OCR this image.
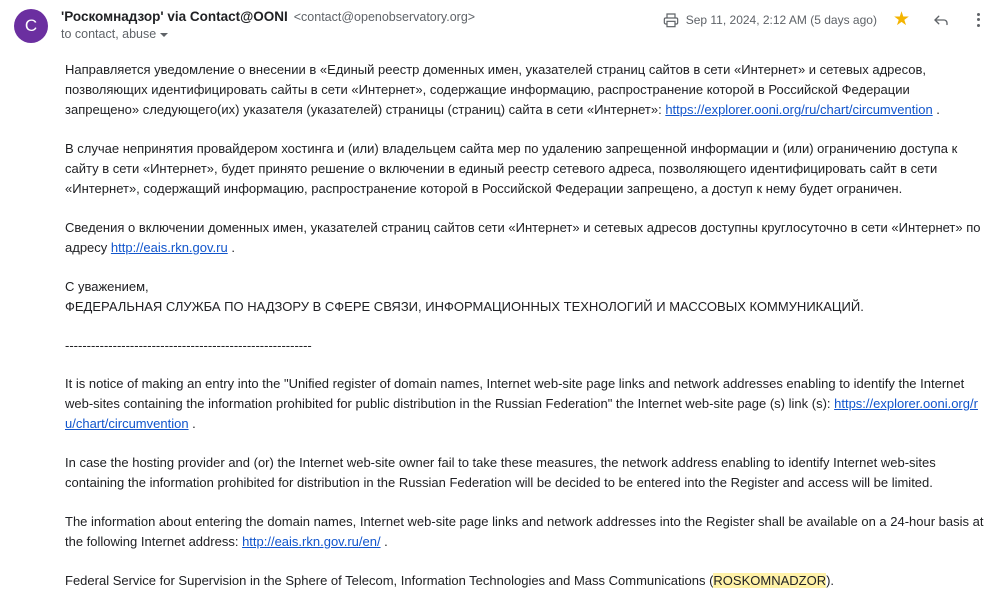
C	'Роскомнадзор' via Contact@OONI <contact@openobservatory.org>
to contact, abuse
Sep 11, 2024, 2:12 AM (5 days ago) ★

Направляется уведомление о внесении в «Единый реестр доменных имен, указателей страниц сайтов в сети «Интернет» и сетевых адресов, позволяющих идентифицировать сайты в сети «Интернет», содержащие информацию, распространение которой в Российской Федерации запрещено» следующего(их) указателя (указателей) страницы (страниц) сайта в сети «Интернет»: https://explorer.ooni.org/ru/chart/circumvention .

В случае непринятия провайдером хостинга и (или) владельцем сайта мер по удалению запрещенной информации и (или) ограничению доступа к сайту в сети «Интернет», будет принято решение о включении в единый реестр сетевого адреса, позволяющего идентифицировать сайт в сети «Интернет», содержащий информацию, распространение которой в Российской Федерации запрещено, а доступ к нему будет ограничен.

Сведения о включении доменных имен, указателей страниц сайтов сети «Интернет» и сетевых адресов доступны круглосуточно в сети «Интернет» по адресу http://eais.rkn.gov.ru .

С уважением,

ФЕДЕРАЛЬНАЯ СЛУЖБА ПО НАДЗОРУ В СФЕРЕ СВЯЗИ, ИНФОРМАЦИОННЫХ ТЕХНОЛОГИЙ И МАССОВЫХ КОММУНИКАЦИЙ.

---------------------------------------------------------

It is notice of making an entry into the "Unified register of domain names, Internet web-site page links and network addresses enabling to identify the Internet web-sites containing the information prohibited for public distribution in the Russian Federation" the Internet web-site page (s) link (s): https://explorer.ooni.org/ru/chart/circumvention .

In case the hosting provider and (or) the Internet web-site owner fail to take these measures, the network address enabling to identify Internet web-sites containing the information prohibited for distribution in the Russian Federation will be decided to be entered into the Register and access will be limited.

The information about entering the domain names, Internet web-site page links and network addresses into the Register shall be available on a 24-hour basis at the following Internet address: http://eais.rkn.gov.ru/en/ .

Federal Service for Supervision in the Sphere of Telecom, Information Technologies and Mass Communications (ROSKOMNADZOR).
